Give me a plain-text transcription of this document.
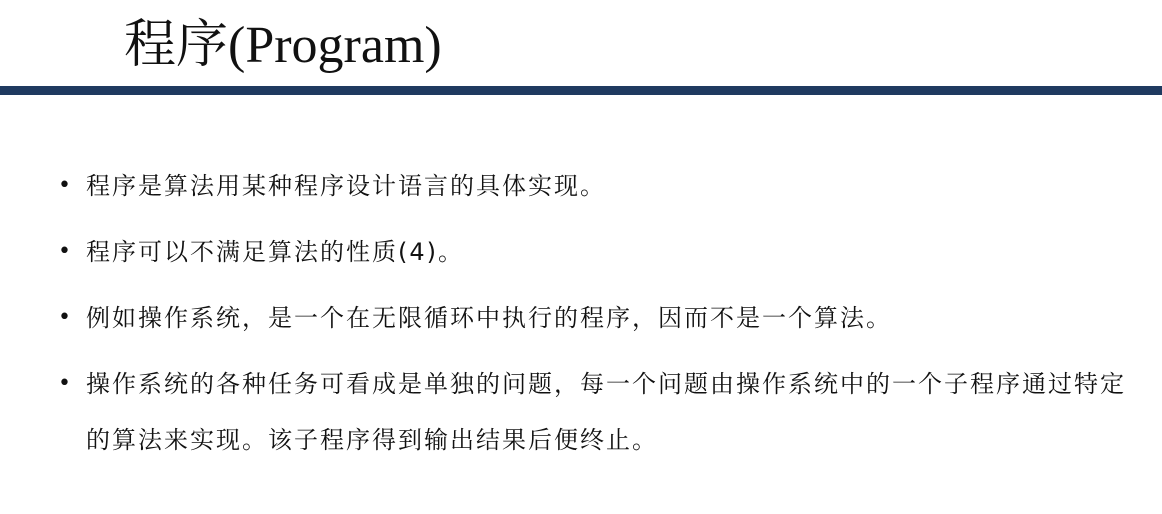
程序(Program)
• 程序是算法用某种程序设计语言的具体实现。
• 程序可以不满足算法的性质(4)。
• 例如操作系统，是一个在无限循环中执行的程序，因而不是一个算法。
• 操作系统的各种任务可看成是单独的问题，每一个问题由操作系统中的一个子程序通过特定的算法来实现。该子程序得到输出结果后便终止。
